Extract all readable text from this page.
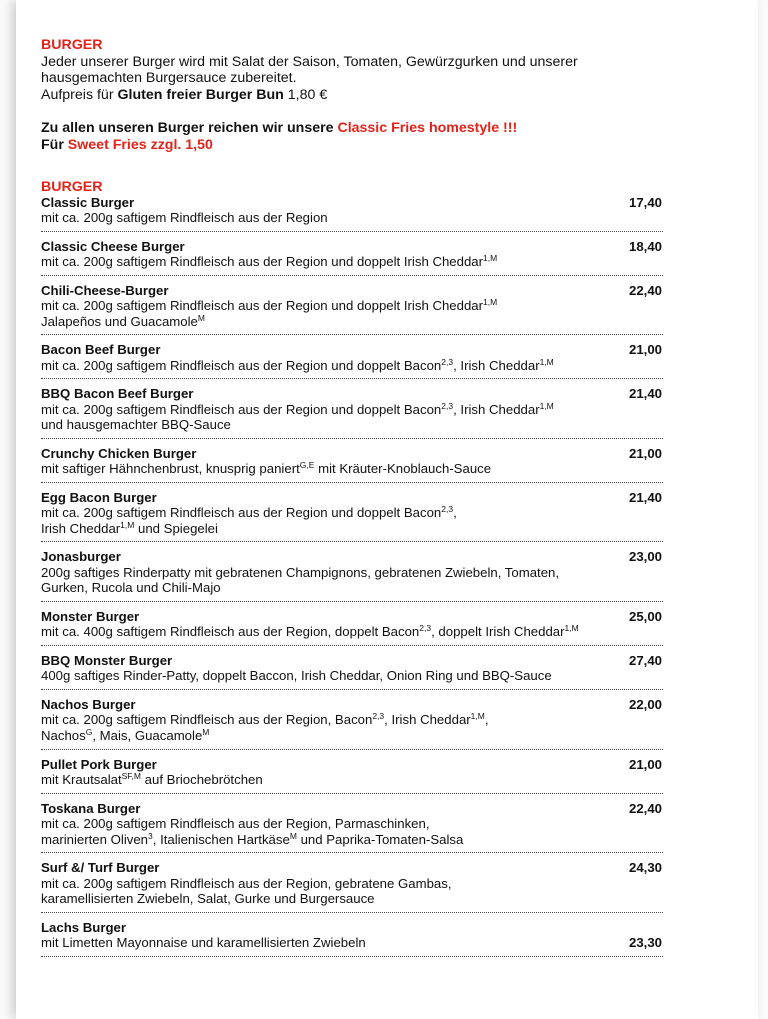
BURGER
Jeder unserer Burger wird mit Salat der Saison, Tomaten, Gewürzgurken und unserer hausgemachten Burgersauce zubereitet.
Aufpreis für Gluten freier Burger Bun 1,80 €
Zu allen unseren Burger reichen wir unsere Classic Fries homestyle !!!
Für Sweet Fries zzgl. 1,50
BURGER
Classic Burger
mit ca. 200g saftigem Rindfleisch aus der Region
17,40
Classic Cheese Burger
mit ca. 200g saftigem Rindfleisch aus der Region und doppelt Irish Cheddar$^{1,M}$
18,40
Chili-Cheese-Burger
mit ca. 200g saftigem Rindfleisch aus der Region und doppelt Irish Cheddar$^{1,M}$
Jalapeños und Guacamole$^M$
22,40
Bacon Beef Burger
mit ca. 200g saftigem Rindfleisch aus der Region und doppelt Bacon$^{2,3}$, Irish Cheddar$^{1,M}$
21,00
BBQ Bacon Beef Burger
mit ca. 200g saftigem Rindfleisch aus der Region und doppelt Bacon$^{2,3}$, Irish Cheddar$^{1,M}$
und hausgemachter BBQ-Sauce
21,40
Crunchy Chicken Burger
mit saftiger Hähnchenbrust, knusprig paniert$^{G,E}$ mit Kräuter-Knoblauch-Sauce
21,00
Egg Bacon Burger
mit ca. 200g saftigem Rindfleisch aus der Region und doppelt Bacon$^{2,3}$,
Irish Cheddar$^{1,M}$ und Spiegelei
21,40
Jonasburger
200g saftiges Rinderpatty mit gebratenen Champignons, gebratenen Zwiebeln, Tomaten,
Gurken, Rucola und Chili-Majo
23,00
Monster Burger
mit ca. 400g saftigem Rindfleisch aus der Region, doppelt Bacon$^{2,3}$, doppelt Irish Cheddar$^{1,M}$
25,00
BBQ Monster Burger
400g saftiges Rinder-Patty, doppelt Baccon, Irish Cheddar, Onion Ring und BBQ-Sauce
27,40
Nachos Burger
mit ca. 200g saftigem Rindfleisch aus der Region, Bacon$^{2,3}$, Irish Cheddar$^{1,M}$,
Nachos$^G$, Mais, Guacamole$^M$
22,00
Pullet Pork Burger
mit Krautsalat$^{SF,M}$ auf Briochebrötchen
21,00
Toskana Burger
mit ca. 200g saftigem Rindfleisch aus der Region, Parmaschinken,
marinierten Oliven$^3$, Italienischen Hartkäse$^M$ und Paprika-Tomaten-Salsa
22,40
Surf &/ Turf Burger
mit ca. 200g saftigem Rindfleisch aus der Region, gebratene Gambas,
karamellisierten Zwiebeln, Salat, Gurke und Burgersauce
24,30
Lachs Burger
mit Limetten Mayonnaise und karamellisierten Zwiebeln	23,30
